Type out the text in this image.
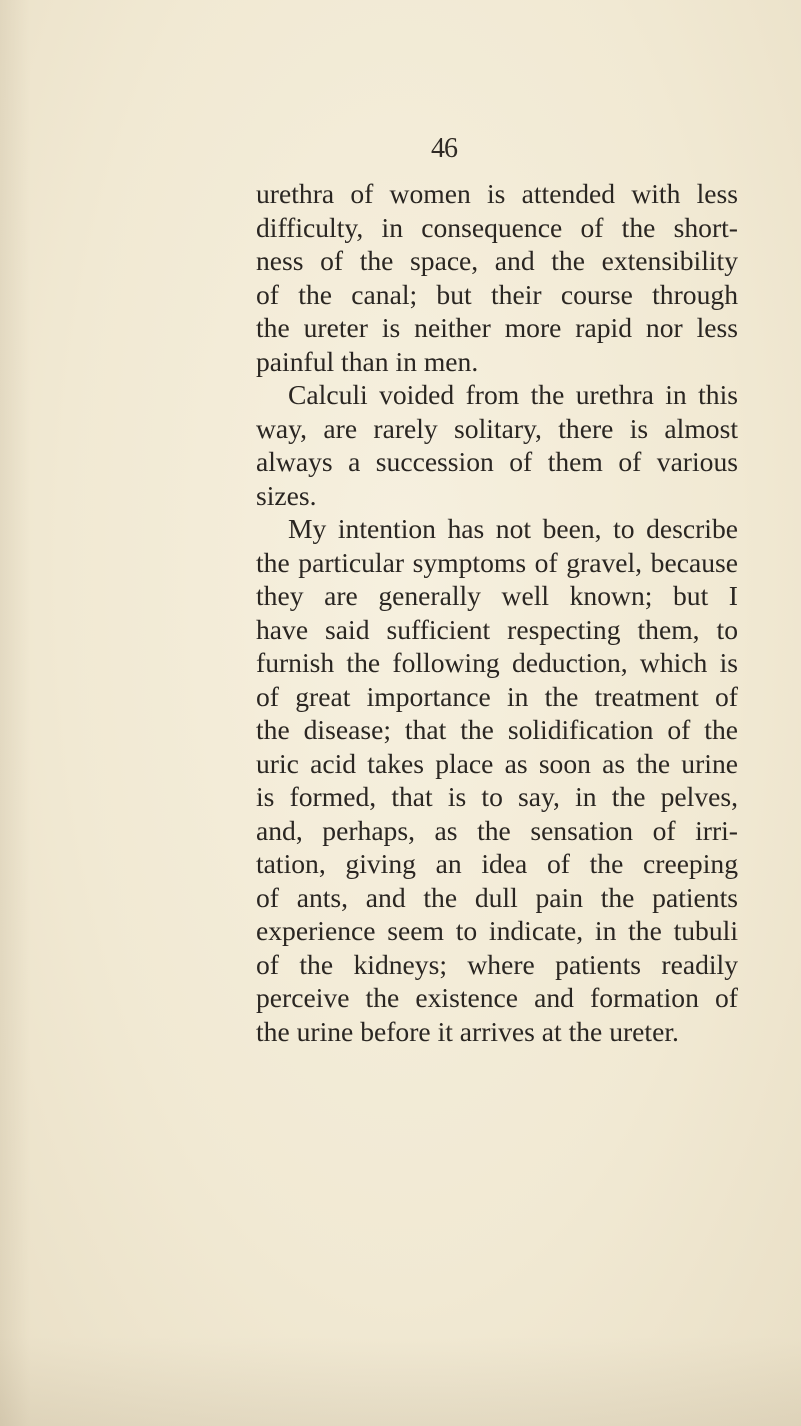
46
urethra of women is attended with less
difficulty, in consequence of the short-
ness of the space, and the extensibility
of the canal; but their course through
the ureter is neither more rapid nor less
painful than in men.
Calculi voided from the urethra in this
way, are rarely solitary, there is almost
always a succession of them of various
sizes.
My intention has not been, to describe
the particular symptoms of gravel, because
they are generally well known; but I
have said sufficient respecting them, to
furnish the following deduction, which is
of great importance in the treatment of
the disease; that the solidification of the
uric acid takes place as soon as the urine
is formed, that is to say, in the pelves,
and, perhaps, as the sensation of irri-
tation, giving an idea of the creeping
of ants, and the dull pain the patients
experience seem to indicate, in the tubuli
of the kidneys; where patients readily
perceive the existence and formation of
the urine before it arrives at the ureter.
